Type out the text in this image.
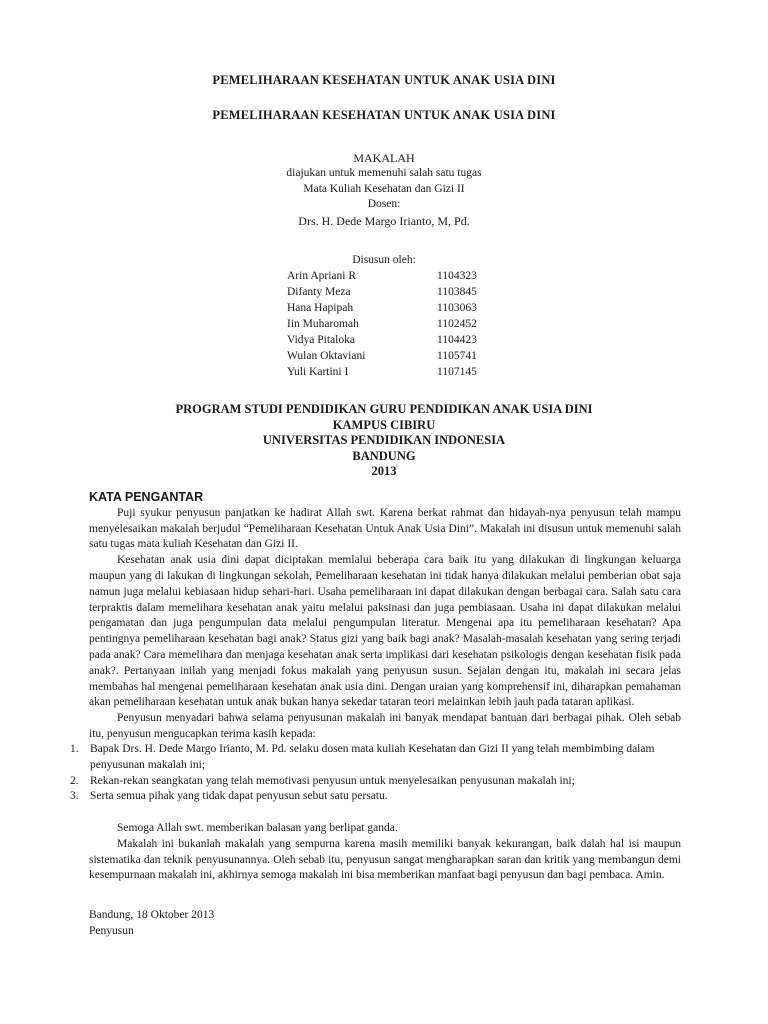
PEMELIHARAAN KESEHATAN UNTUK ANAK USIA DINI
PEMELIHARAAN KESEHATAN UNTUK ANAK USIA DINI
MAKALAH
diajukan untuk memenuhi salah satu tugas
Mata Kuliah Kesehatan dan Gizi II
Dosen:
Drs. H. Dede Margo Irianto, M, Pd.
Disusun oleh:
Arin Apriani R	1104323
Difanty Meza	1103845
Hana Hapipah	1103063
Iin Muharomah	1102452
Vidya Pitaloka	1104423
Wulan Oktaviani	1105741
Yuli Kartini I	1107145
PROGRAM STUDI PENDIDIKAN GURU PENDIDIKAN ANAK USIA DINI
KAMPUS CIBIRU
UNIVERSITAS PENDIDIKAN INDONESIA
BANDUNG
2013
KATA PENGANTAR

Puji syukur penyusun panjatkan ke hadirat Allah swt. Karena berkat rahmat dan hidayah-nya penyusun telah mampu menyelesaikan makalah berjudul “Pemeliharaan Kesehatan Untuk Anak Usia Dini”. Makalah ini disusun untuk memenuhi salah satu tugas mata kuliah Kesehatan dan Gizi II.

Kesehatan anak usia dini dapat diciptakan memlalui beberapa cara baik itu yang dilakukan di lingkungan keluarga maupun yang di lakukan di lingkungan sekolah, Pemeliharaan kesehatan ini tidak hanya dilakukan melalui pemberian obat saja namun juga melalui kebiasaan hidup sehari-hari. Usaha pemeliharaan ini dapat dilakukan dengan berbagai cara. Salah satu cara terpraktis dalam memelihara kesehatan anak yaitu melalui paksinasi dan juga pembiasaan. Usaha ini dapat dilakukan melalui pengamatan dan juga pengumpulan data melalui pengumpulan literatur. Mengenai apa itu pemeliharaan kesehatan? Apa pentingnya pemeliharaan kesehatan bagi anak? Status gizi yang baik bagi anak? Masalah-masalah kesehatan yang sering terjadi pada anak? Cara memelihara dan menjaga kesehatan anak serta implikasi dari kesehatan psikologis dengan kesehatan fisik pada anak?. Pertanyaan inilah yang menjadi fokus makalah yang penyusun susun. Sejalan dengan itu, makalah ini secara jelas membahas hal mengenai pemeliharaan kesehatan anak usia dini. Dengan uraian yang komprehensif ini, diharapkan pemahaman akan pemeliharaan kesehatan untuk anak bukan hanya sekedar tataran teori melainkan lebih jauh pada tataran aplikasi.

Penyusun menyadari bahwa selama penyusunan makalah ini banyak mendapat bantuan dari berbagai pihak. Oleh sebab itu, penyusun mengucapkan terima kasih kepada:

1. Bapak Drs. H. Dede Margo Irianto, M. Pd. selaku dosen mata kuliah Kesehatan dan Gizi II yang telah membimbing dalam penyusunan makalah ini;
2. Rekan-rekan seangkatan yang telah memotivasi penyusun untuk menyelesaikan penyusunan makalah ini;
3. Serta semua pihak yang tidak dapat penyusun sebut satu persatu.

Semoga Allah swt. memberikan balasan yang berlipat ganda.

Makalah ini bukanlah makalah yang sempurna karena masih memiliki banyak kekurangan, baik dalah hal isi maupun sistematika dan teknik penyusunannya. Oleh sebab itu, penyusun sangat mengharapkan saran dan kritik yang membangun demi kesempurnaan makalah ini, akhirnya semoga makalah ini bisa memberikan manfaat bagi penyusun dan bagi pembaca. Amin.

Bandung, 18 Oktober 2013
Penyusun
